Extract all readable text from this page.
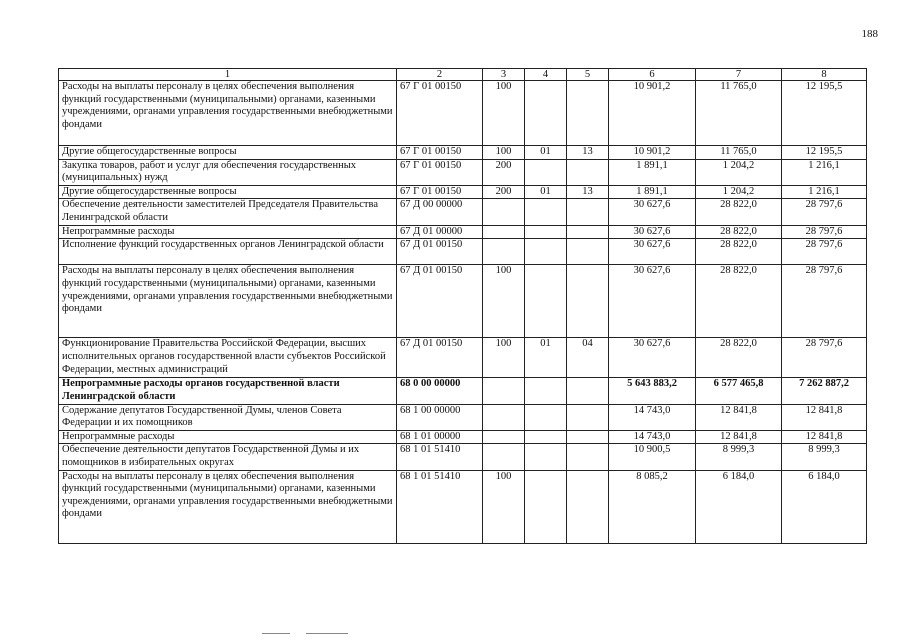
188
1	2	3	4	5	6	7	8
Расходы на выплаты персоналу в целях обеспечения выполнения функций государственными (муниципальными) органами, казенными учреждениями, органами управления государственными внебюджетными фондами	67 Г 01 00150	100			10 901,2	11 765,0	12 195,5
Другие общегосударственные вопросы	67 Г 01 00150	100	01	13	10 901,2	11 765,0	12 195,5
Закупка товаров, работ и услуг для обеспечения государственных (муниципальных) нужд	67 Г 01 00150	200			1 891,1	1 204,2	1 216,1
Другие общегосударственные вопросы	67 Г 01 00150	200	01	13	1 891,1	1 204,2	1 216,1
Обеспечение деятельности заместителей Председателя Правительства Ленинградской области	67 Д 00 00000				30 627,6	28 822,0	28 797,6
Непрограммные расходы	67 Д 01 00000				30 627,6	28 822,0	28 797,6
Исполнение функций государственных органов Ленинградской области	67 Д 01 00150				30 627,6	28 822,0	28 797,6
Расходы на выплаты персоналу в целях обеспечения выполнения функций государственными (муниципальными) органами, казенными учреждениями, органами управления государственными внебюджетными фондами	67 Д 01 00150	100			30 627,6	28 822,0	28 797,6
Функционирование Правительства Российской Федерации, высших исполнительных органов государственной власти субъектов Российской Федерации, местных администраций	67 Д 01 00150	100	01	04	30 627,6	28 822,0	28 797,6
Непрограммные расходы органов государственной власти Ленинградской области	68 0 00 00000				5 643 883,2	6 577 465,8	7 262 887,2
Содержание депутатов Государственной Думы, членов Совета Федерации и их помощников	68 1 00 00000				14 743,0	12 841,8	12 841,8
Непрограммные расходы	68 1 01 00000				14 743,0	12 841,8	12 841,8
Обеспечение деятельности депутатов Государственной Думы и их помощников в избирательных округах	68 1 01 51410				10 900,5	8 999,3	8 999,3
Расходы на выплаты персоналу в целях обеспечения выполнения функций государственными (муниципальными) органами, казенными учреждениями, органами управления государственными внебюджетными фондами	68 1 01 51410	100			8 085,2	6 184,0	6 184,0
